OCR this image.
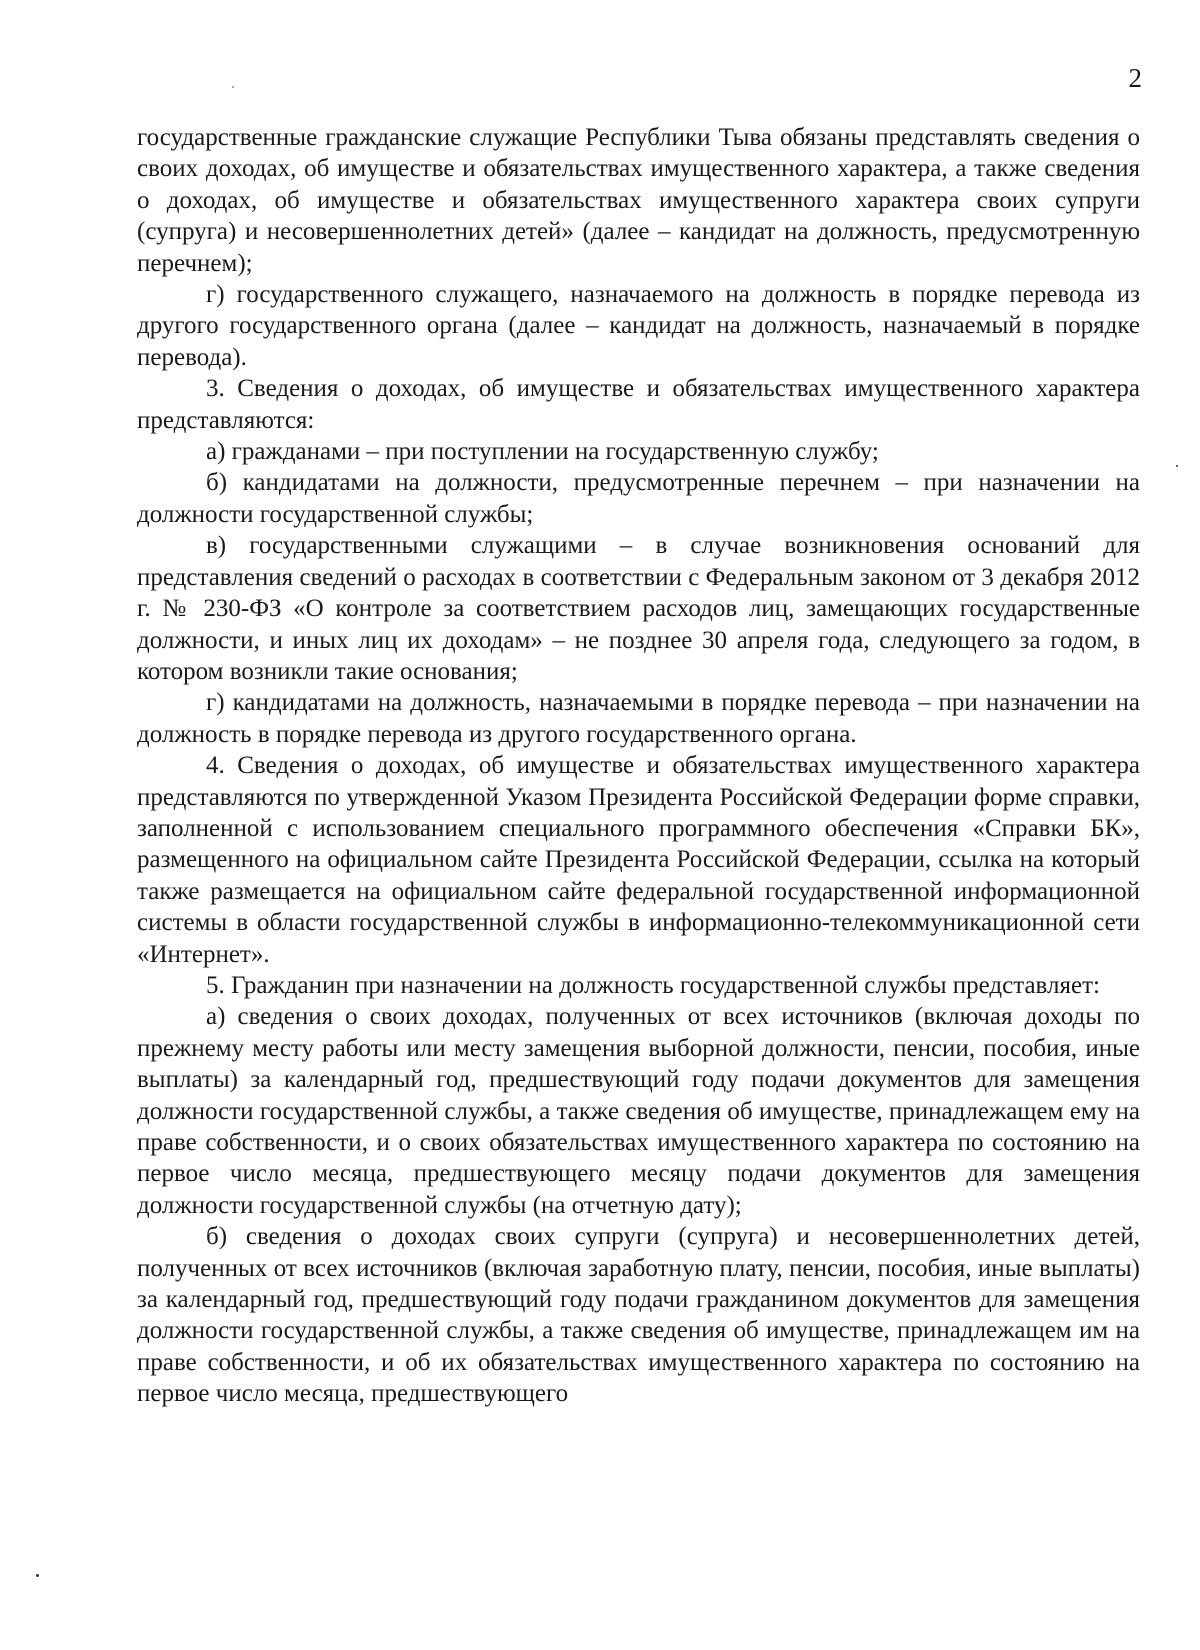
2

государственные гражданские служащие Республики Тыва обязаны представлять сведения о своих доходах, об имуществе и обязательствах имущественного характера, а также сведения о доходах, об имуществе и обязательствах имущественного характера своих супруги (супруга) и несовершеннолетних детей» (далее – кандидат на должность, предусмотренную перечнем);

г) государственного служащего, назначаемого на должность в порядке перевода из другого государственного органа (далее – кандидат на должность, назначаемый в порядке перевода).

3. Сведения о доходах, об имуществе и обязательствах имущественного характера представляются:

а) гражданами – при поступлении на государственную службу;

б) кандидатами на должности, предусмотренные перечнем – при назначении на должности государственной службы;

в) государственными служащими – в случае возникновения оснований для представления сведений о расходах в соответствии с Федеральным законом от 3 декабря 2012 г. № 230-ФЗ «О контроле за соответствием расходов лиц, замещающих государственные должности, и иных лиц их доходам» – не позднее 30 апреля года, следующего за годом, в котором возникли такие основания;

г) кандидатами на должность, назначаемыми в порядке перевода – при назначении на должность в порядке перевода из другого государственного органа.

4. Сведения о доходах, об имуществе и обязательствах имущественного характера представляются по утвержденной Указом Президента Российской Федерации форме справки, заполненной с использованием специального программного обеспечения «Справки БК», размещенного на официальном сайте Президента Российской Федерации, ссылка на который также размещается на официальном сайте федеральной государственной информационной системы в области государственной службы в информационно-телекоммуникационной сети «Интернет».

5. Гражданин при назначении на должность государственной службы представляет:

а) сведения о своих доходах, полученных от всех источников (включая доходы по прежнему месту работы или месту замещения выборной должности, пенсии, пособия, иные выплаты) за календарный год, предшествующий году подачи документов для замещения должности государственной службы, а также сведения об имуществе, принадлежащем ему на праве собственности, и о своих обязательствах имущественного характера по состоянию на первое число месяца, предшествующего месяцу подачи документов для замещения должности государственной службы (на отчетную дату);

б) сведения о доходах своих супруги (супруга) и несовершеннолетних детей, полученных от всех источников (включая заработную плату, пенсии, пособия, иные выплаты) за календарный год, предшествующий году подачи гражданином документов для замещения должности государственной службы, а также сведения об имуществе, принадлежащем им на праве собственности, и об их обязательствах имущественного характера по состоянию на первое число месяца, предшествующего
